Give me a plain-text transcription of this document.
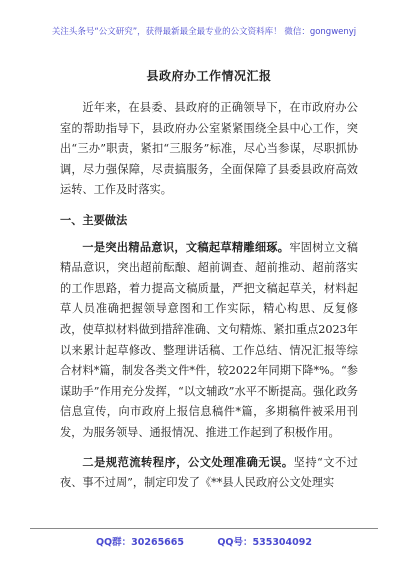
关注头条号“公文研究”，获得最新最全最专业的公文资料库！ 微信：gongwenyj
县政府办工作情况汇报

近年来，在县委、县政府的正确领导下，在市政府办公室的帮助指导下，县政府办公室紧紧围绕全县中心工作，突出“三办”职责，紧扣“三服务”标准，尽心当参谋，尽职抓协调，尽力强保障，尽责搞服务，全面保障了县委县政府高效运转、工作及时落实。

一、主要做法

一是突出精品意识，文稿起草精雕细琢。牢固树立文稿精品意识，突出超前酝酿、超前调查、超前推动、超前落实的工作思路，着力提高文稿质量，严把文稿起草关，材料起草人员准确把握领导意图和工作实际，精心构思、反复修改，使草拟材料做到措辞准确、文句精炼、紧扣重点2023年以来累计起草修改、整理讲话稿、工作总结、情况汇报等综合材料*篇，制发各类文件*件，较2022年同期下降*%。“参谋助手”作用充分发挥，“以文辅政”水平不断提高。强化政务信息宣传，向市政府上报信息稿件*篇，多期稿件被采用刊发，为服务领导、通报情况、推进工作起到了积极作用。

二是规范流转程序，公文处理准确无误。坚持“文不过夜、事不过周”，制定印发了《**县人民政府公文处理实

QQ群：30265665	QQ号：535304092
